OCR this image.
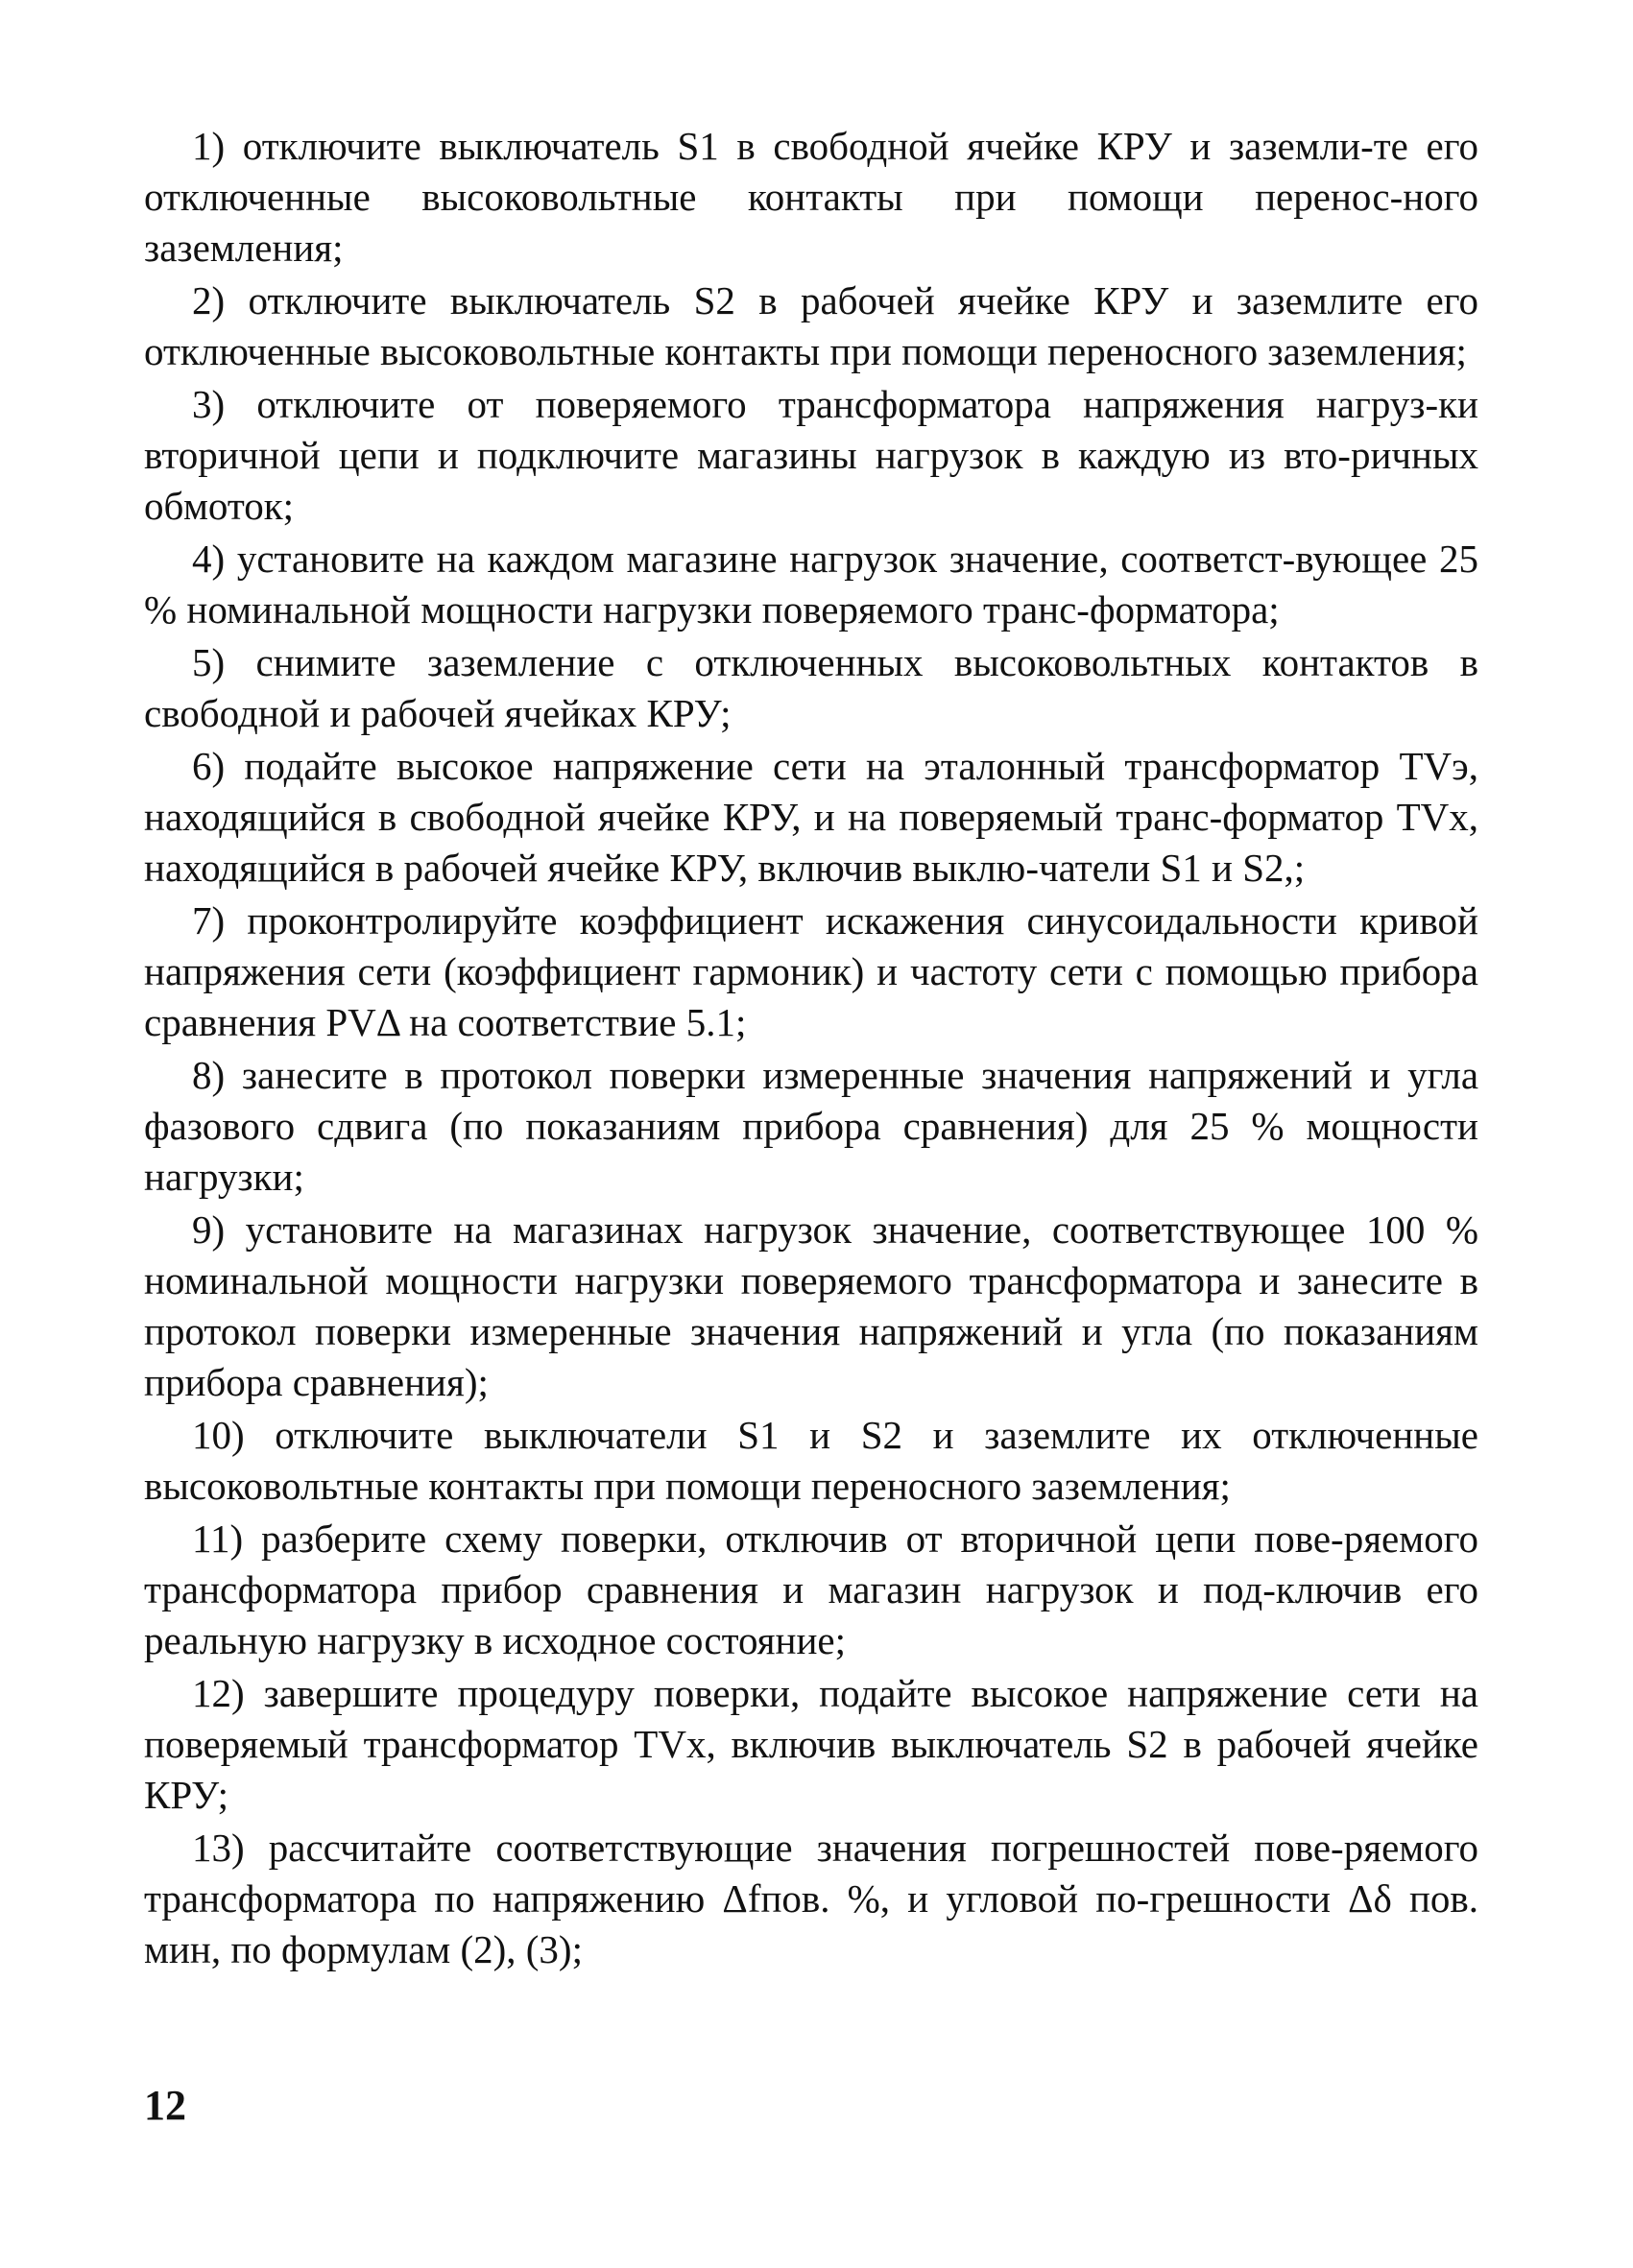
1) отключите выключатель S1 в свободной ячейке КРУ и заземли-те его отключенные высоковольтные контакты при помощи перенос-ного заземления;

2) отключите выключатель S2 в рабочей ячейке КРУ и заземлите его отключенные высоковольтные контакты при помощи переносного заземления;

3) отключите от поверяемого трансформатора напряжения нагруз-ки вторичной цепи и подключите магазины нагрузок в каждую из вто-ричных обмоток;

4) установите на каждом магазине нагрузок значение, соответст-вующее 25 % номинальной мощности нагрузки поверяемого транс-форматора;

5) снимите заземление с отключенных высоковольтных контактов в свободной и рабочей ячейках КРУ;

6) подайте высокое напряжение сети на эталонный трансформатор TVэ, находящийся в свободной ячейке КРУ, и на поверяемый транс-форматор TVx, находящийся в рабочей ячейке КРУ, включив выклю-чатели S1 и S2,;

7) проконтролируйте коэффициент искажения синусоидальности кривой напряжения сети (коэффициент гармоник) и частоту сети с помощью прибора сравнения PVΔ на соответствие 5.1;

8) занесите в протокол поверки измеренные значения напряжений и угла фазового сдвига (по показаниям прибора сравнения) для 25 % мощности нагрузки;

9) установите на магазинах нагрузок значение, соответствующее 100 % номинальной мощности нагрузки поверяемого трансформатора и занесите в протокол поверки измеренные значения напряжений и угла (по показаниям прибора сравнения);

10) отключите выключатели S1 и S2 и заземлите их отключенные высоковольтные контакты при помощи переносного заземления;

11) разберите схему поверки, отключив от вторичной цепи пове-ряемого трансформатора прибор сравнения и магазин нагрузок и под-ключив его реальную нагрузку в исходное состояние;

12) завершите процедуру поверки, подайте высокое напряжение сети на поверяемый трансформатор TVx, включив выключатель S2 в рабочей ячейке КРУ;

13) рассчитайте соответствующие значения погрешностей пове-ряемого трансформатора по напряжению Δfпов. %, и угловой по-грешности Δδ пов. мин, по формулам (2), (3);

12
